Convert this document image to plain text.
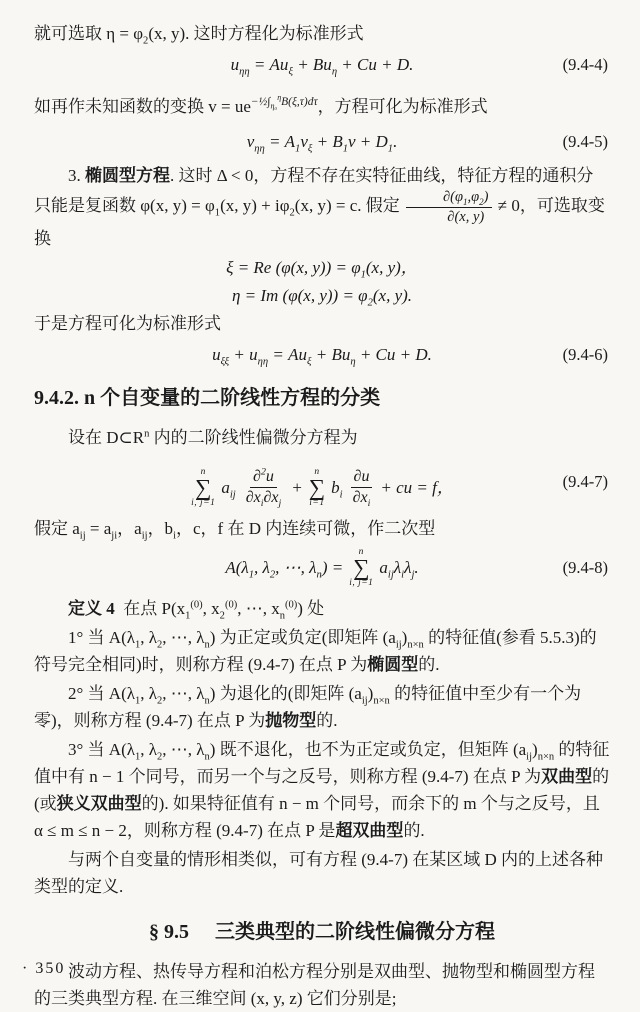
就可选取 $\eta = \varphi_2(x$, y). 这时方程化为标准形式

$u_{\eta\eta} = Au_\xi + Bu_\eta + Cu + D$.	(9.4-4)

如再作未知函数的变换 $v = ue^{-\frac{1}{2}\int_{\eta_0}^\eta B(\xi,\tau)d\tau}$，方程可化为标准形式

$v_{\eta\eta} = A_1v_\xi + B_1v + D_1$.	(9.4-5)

3. 椭圆型方程. 这时 Δ < 0，方程不存在实特征曲线，特征方程的通积分只能是复函数 φ(x, $y) = \varphi_1(x$, $y) + i\varphi_2(x$, y) = c. 假定 $\frac{\partial(\varphi_1,\varphi_2)}{\partial(x, y)} \ne 0$，可选取变换

ξ = Re (φ(x, $y)) = \varphi_1(x$, y)，
η = Im (φ(x, $y)) = \varphi_2(x$, y).

于是方程可化为标准形式

$u_{\xi\xi} + u_{\eta\eta} = Au_\xi + Bu_\eta + Cu + D$.	(9.4-6)
9.4.2. n 个自变量的二阶线性方程的分类

设在 $D\subset R^n$ 内的二阶线性偏微分方程为

n
∑
i, j=1
$a_{ij} \frac{\partial^2u}{\partial x_i\partial x_j}$ +
n
∑
i=1
$b_i \frac{\partial u}{\partial x_i}$ + cu = f，	(9.4-7)

假定 $a_{ij} = a_{ji}$，$a_{ij}$，$b_i$，c，f 在 D 内连续可微，作二次型

$A(\lambda_1$, $\lambda_2$, ⋯, $\lambda_n$) =
n
∑
i, j=1
$a_{ij}\lambda_i\lambda_j$.	(9.4-8)

定义 4 在点 $P(x_1^{(0)}$, $x_2^{(0)}$, ⋯, $x_n^{(0)}$) 处

1° 当 $A(\lambda_1$, $\lambda_2$, ⋯, $\lambda_n$) 为正定或负定(即矩阵 $(a_{ij})_{n\times n}$ 的特征值(参看 5.5.3)的符号完全相同)时，则称方程 (9.4-7) 在点 P 为椭圆型的.

2° 当 $A(\lambda_1$, $\lambda_2$, ⋯, $\lambda_n$) 为退化的(即矩阵 $(a_{ij})_{n\times n}$ 的特征值中至少有一个为零)，则称方程 (9.4-7) 在点 P 为抛物型的.

3° 当 $A(\lambda_1$, $\lambda_2$, ⋯, $\lambda_n$) 既不退化，也不为正定或负定，但矩阵 $(a_{ij})_{n\times n}$ 的特征值中有 n − 1 个同号，而另一个与之反号，则称方程 (9.4-7) 在点 P 为双曲型的(或狭义双曲型的). 如果特征值有 n − m 个同号，而余下的 m 个与之反号，且 α ≤ m ≤ n − 2，则称方程 (9.4-7) 在点 P 是超双曲型的.

与两个自变量的情形相类似，可有方程 (9.4-7) 在某区域 D 内的上述各种类型的定义.

§ 9.5 三类典型的二阶线性偏微分方程

波动方程、热传导方程和泊松方程分别是双曲型、抛物型和椭圆型方程的三类典型方程. 在三维空间 (x, y, z) 它们分别是;

· 350 ·
